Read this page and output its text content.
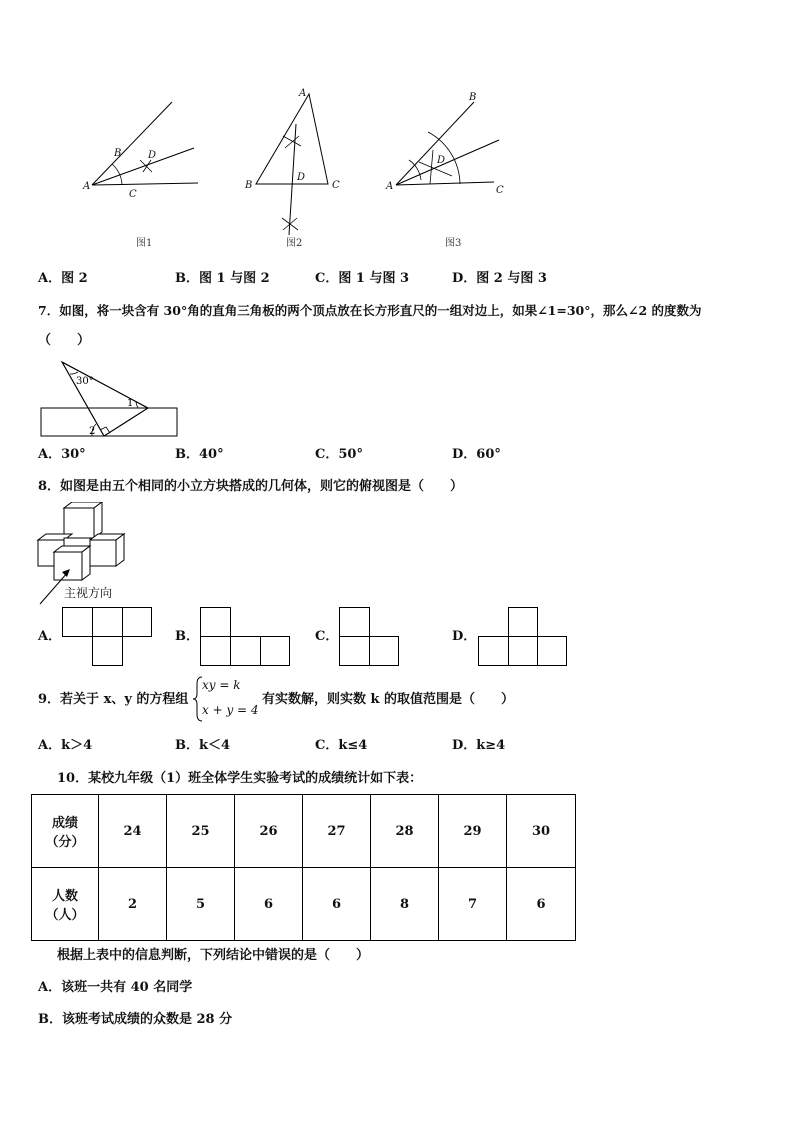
A
B
C
D
图1
A
B	C
D
图2
A
B
C
D
图3
A．图 2	B．图 1 与图 2	C．图 1 与图 3	D．图 2 与图 3
7．如图，将一块含有 30°角的直角三角板的两个顶点放在长方形直尺的一组对边上，如果∠1=30°，那么∠2 的度数为
（　　）
30°
1
2
A．30°	B．40°	C．50°	D．60°
8．如图是由五个相同的小立方块搭成的几何体，则它的俯视图是（　　）
主视方向
A．	B．	C．	D．
9．若关于 x、y 的方程组
xy = k
x + y = 4
有实数解，则实数 k 的取值范围是（　　）
A．k＞4	B．k＜4	C．k≤4	D．k≥4
10．某校九年级（1）班全体学生实验考试的成绩统计如下表：
成绩
（分）	24	25	26	27	28	29	30

人数
（人）	2	5	6	6	8	7	6
根据上表中的信息判断，下列结论中错误的是（　　）
A．该班一共有 40 名同学
B．该班考试成绩的众数是 28 分
